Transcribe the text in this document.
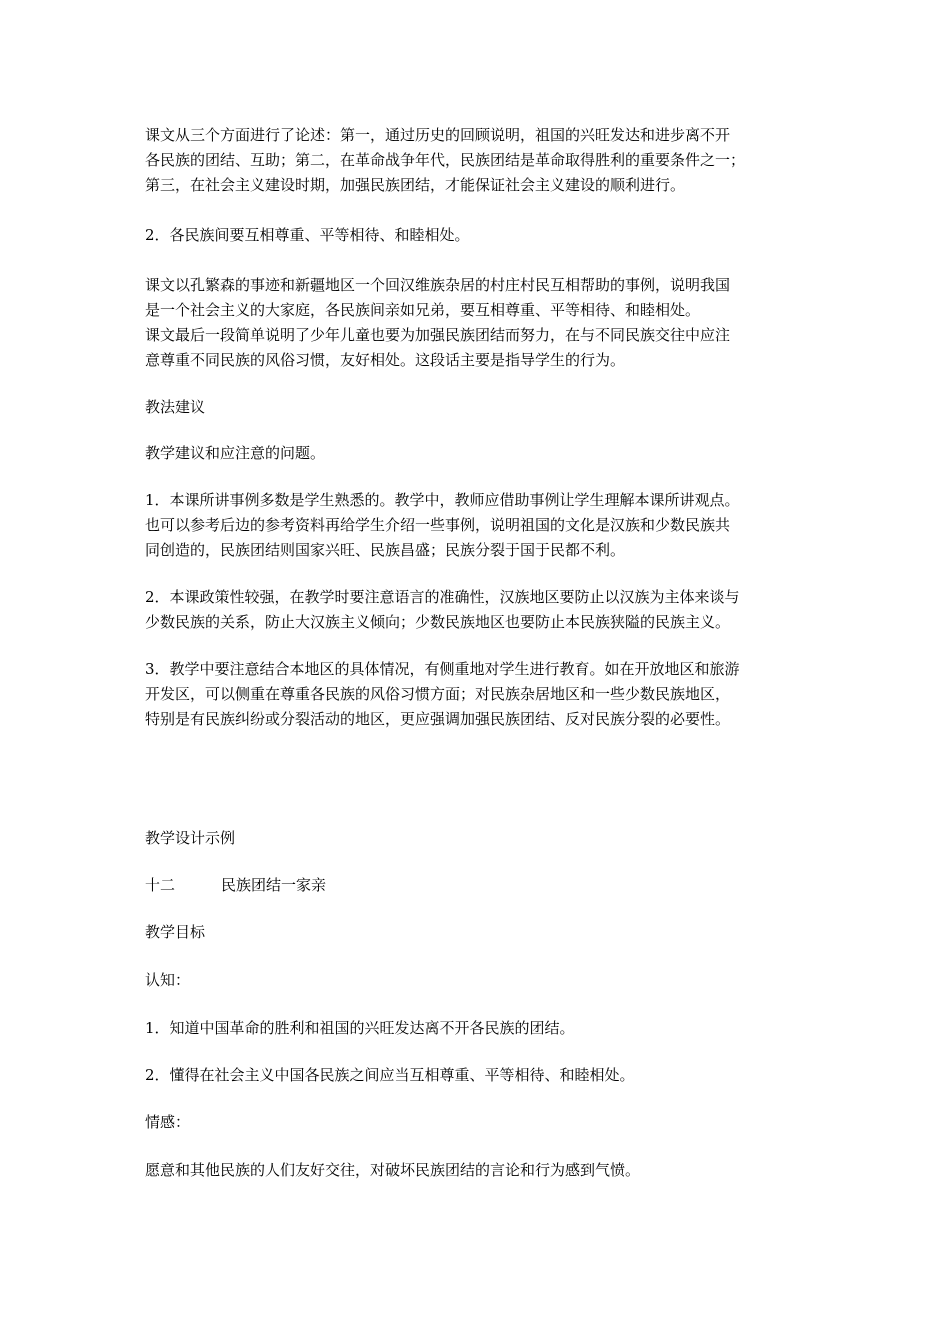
课文从三个方面进行了论述：第一，通过历史的回顾说明，祖国的兴旺发达和进步离不开
各民族的团结、互助；第二，在革命战争年代，民族团结是革命取得胜利的重要条件之一；
第三，在社会主义建设时期，加强民族团结，才能保证社会主义建设的顺利进行。

2．各民族间要互相尊重、平等相待、和睦相处。

课文以孔繁森的事迹和新疆地区一个回汉维族杂居的村庄村民互相帮助的事例，说明我国
是一个社会主义的大家庭，各民族间亲如兄弟，要互相尊重、平等相待、和睦相处。
课文最后一段简单说明了少年儿童也要为加强民族团结而努力，在与不同民族交往中应注
意尊重不同民族的风俗习惯，友好相处。这段话主要是指导学生的行为。

教法建议

教学建议和应注意的问题。

1．本课所讲事例多数是学生熟悉的。教学中，教师应借助事例让学生理解本课所讲观点。
也可以参考后边的参考资料再给学生介绍一些事例，说明祖国的文化是汉族和少数民族共
同创造的，民族团结则国家兴旺、民族昌盛；民族分裂于国于民都不利。

2．本课政策性较强，在教学时要注意语言的准确性，汉族地区要防止以汉族为主体来谈与
少数民族的关系，防止大汉族主义倾向；少数民族地区也要防止本民族狭隘的民族主义。

3．教学中要注意结合本地区的具体情况，有侧重地对学生进行教育。如在开放地区和旅游
开发区，可以侧重在尊重各民族的风俗习惯方面；对民族杂居地区和一些少数民族地区，
特别是有民族纠纷或分裂活动的地区，更应强调加强民族团结、反对民族分裂的必要性。

教学设计示例

十二	民族团结一家亲

教学目标

认知：

1．知道中国革命的胜利和祖国的兴旺发达离不开各民族的团结。

2．懂得在社会主义中国各民族之间应当互相尊重、平等相待、和睦相处。

情感：

愿意和其他民族的人们友好交往，对破坏民族团结的言论和行为感到气愤。
